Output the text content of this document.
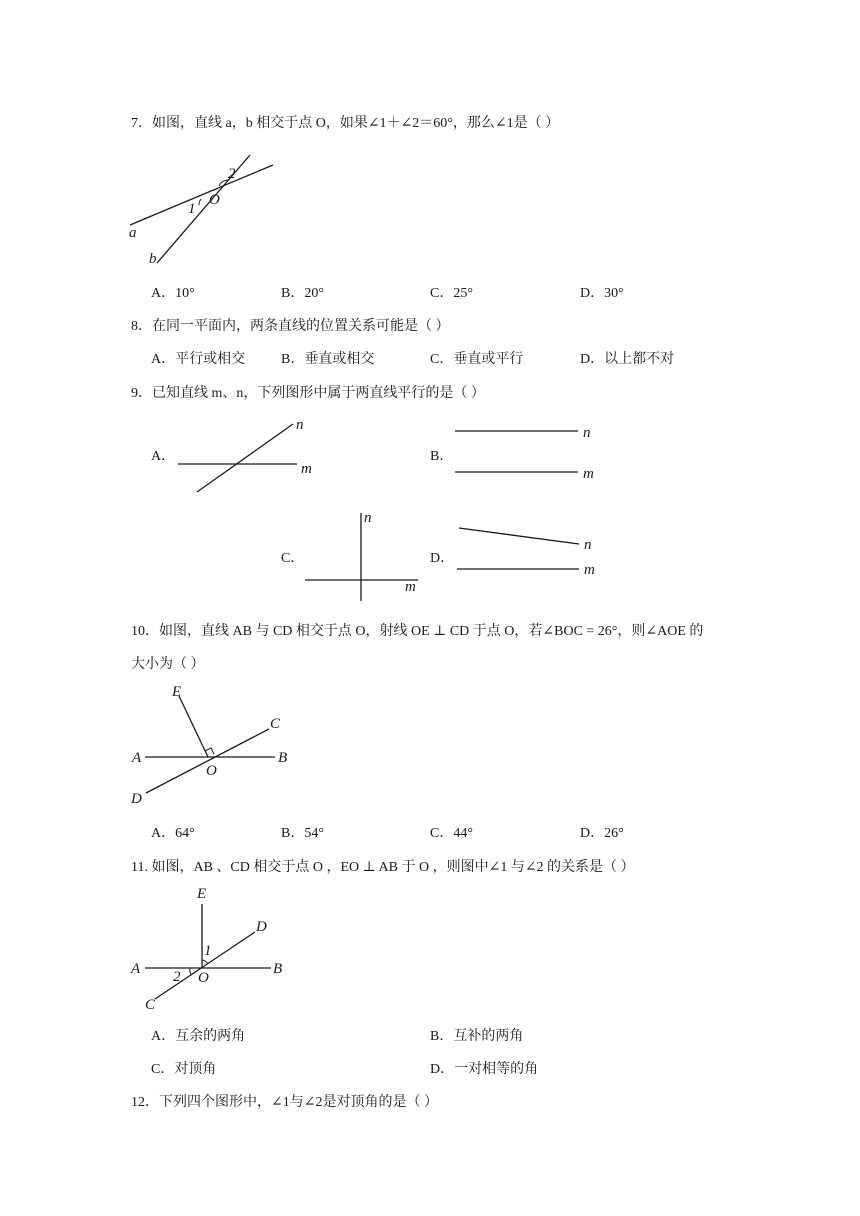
7．如图，直线 a，b 相交于点 O，如果∠1＋∠2＝60°，那么∠1是（ ）
2
1
O
a
b
A．10°	B．20°	C．25°	D．30°
8．在同一平面内，两条直线的位置关系可能是（ ）
A．平行或相交	B．垂直或相交	C．垂直或平行	D．以上都不对
9．已知直线 m、n，下列图形中属于两直线平行的是（ ）
A．
n
m
B．
n
m
C．
n
m
D．
n
m
10．如图，直线 AB 与 CD 相交于点 O，射线 OE ⊥ CD 于点 O，若∠BOC = 26°，则∠AOE 的
大小为（ ）
A	B
C
D
E
O
A．64°	B．54°	C．44°	D．26°
11. 如图，AB 、CD 相交于点 O ，EO ⊥ AB 于 O ，则图中∠1 与∠2 的关系是（ ）
E
D
A	B
C
O
1
2
A．互余的两角	B．互补的两角
C．对顶角	D．一对相等的角
12．下列四个图形中，∠1与∠2是对顶角的是（ ）
